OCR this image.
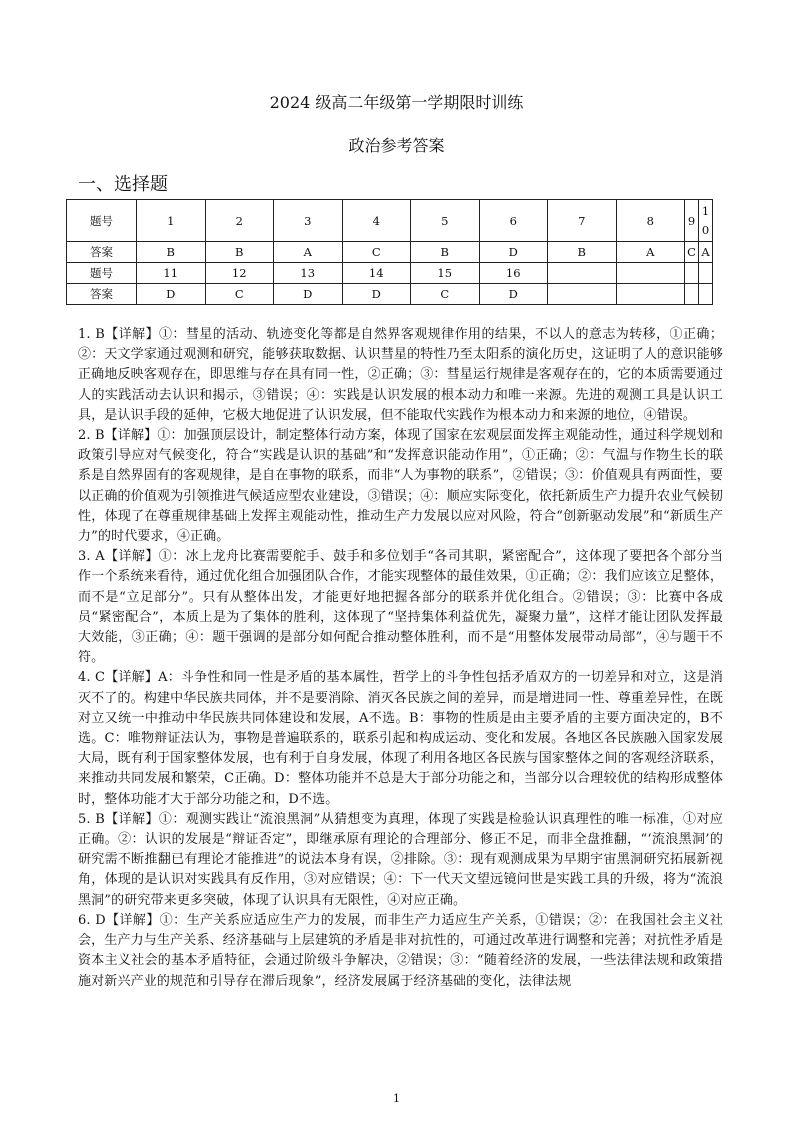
2024 级高二年级第一学期限时训练
政治参考答案
一、选择题
题号	1	2	3	4	5	6	7	8	9	1
0
答案	B	B	A	C	B	D	B	A	C	A
题号	11	12	13	14	15	16				
答案	D	C	D	D	C	D				

1. B【详解】①：彗星的活动、轨迹变化等都是自然界客观规律作用的结果，不以人的意志为转移，①正确；②：天文学家通过观测和研究，能够获取数据、认识彗星的特性乃至太阳系的演化历史，这证明了人的意识能够正确地反映客观存在，即思维与存在具有同一性，②正确；③：彗星运行规律是客观存在的，它的本质需要通过人的实践活动去认识和揭示，③错误；④：实践是认识发展的根本动力和唯一来源。先进的观测工具是认识工具，是认识手段的延伸，它极大地促进了认识发展，但不能取代实践作为根本动力和来源的地位，④错误。

2. B【详解】①：加强顶层设计，制定整体行动方案，体现了国家在宏观层面发挥主观能动性，通过科学规划和政策引导应对气候变化，符合“实践是认识的基础”和“发挥意识能动作用”，①正确；②：气温与作物生长的联系是自然界固有的客观规律，是自在事物的联系，而非“人为事物的联系”，②错误；③：价值观具有两面性，要以正确的价值观为引领推进气候适应型农业建设，③错误；④：顺应实际变化，依托新质生产力提升农业气候韧性，体现了在尊重规律基础上发挥主观能动性，推动生产力发展以应对风险，符合“创新驱动发展”和“新质生产力”的时代要求，④正确。

3. A【详解】①：冰上龙舟比赛需要舵手、鼓手和多位划手“各司其职，紧密配合”，这体现了要把各个部分当作一个系统来看待，通过优化组合加强团队合作，才能实现整体的最佳效果，①正确；②：我们应该立足整体，而不是“立足部分”。只有从整体出发，才能更好地把握各部分的联系并优化组合。②错误；③：比赛中各成员“紧密配合”，本质上是为了集体的胜利，这体现了“坚持集体利益优先，凝聚力量”，这样才能让团队发挥最大效能，③正确；④：题干强调的是部分如何配合推动整体胜利，而不是“用整体发展带动局部”，④与题干不符。

4. C【详解】A：斗争性和同一性是矛盾的基本属性，哲学上的斗争性包括矛盾双方的一切差异和对立，这是消灭不了的。构建中华民族共同体，并不是要消除、消灭各民族之间的差异，而是增进同一性、尊重差异性，在既对立又统一中推动中华民族共同体建设和发展，A不选。B：事物的性质是由主要矛盾的主要方面决定的，B不选。C：唯物辩证法认为，事物是普遍联系的，联系引起和构成运动、变化和发展。各地区各民族融入国家发展大局，既有利于国家整体发展，也有利于自身发展，体现了利用各地区各民族与国家整体之间的客观经济联系，来推动共同发展和繁荣，C正确。D：整体功能并不总是大于部分功能之和，当部分以合理较优的结构形成整体时，整体功能才大于部分功能之和，D不选。

5. B【详解】①：观测实践让“流浪黑洞”从猜想变为真理，体现了实践是检验认识真理性的唯一标准，①对应正确。②：认识的发展是“辩证否定”，即继承原有理论的合理部分、修正不足，而非全盘推翻，“‘流浪黑洞’的研究需不断推翻已有理论才能推进”的说法本身有误，②排除。③：现有观测成果为早期宇宙黑洞研究拓展新视角，体现的是认识对实践具有反作用，③对应错误；④：下一代天文望远镜问世是实践工具的升级，将为“流浪黑洞”的研究带来更多突破，体现了认识具有无限性，④对应正确。

6. D【详解】①：生产关系应适应生产力的发展，而非生产力适应生产关系，①错误；②：在我国社会主义社会，生产力与生产关系、经济基础与上层建筑的矛盾是非对抗性的，可通过改革进行调整和完善；对抗性矛盾是资本主义社会的基本矛盾特征，会通过阶级斗争解决，②错误；③：“随着经济的发展，一些法律法规和政策措施对新兴产业的规范和引导存在滞后现象”，经济发展属于经济基础的变化，法律法规

1
